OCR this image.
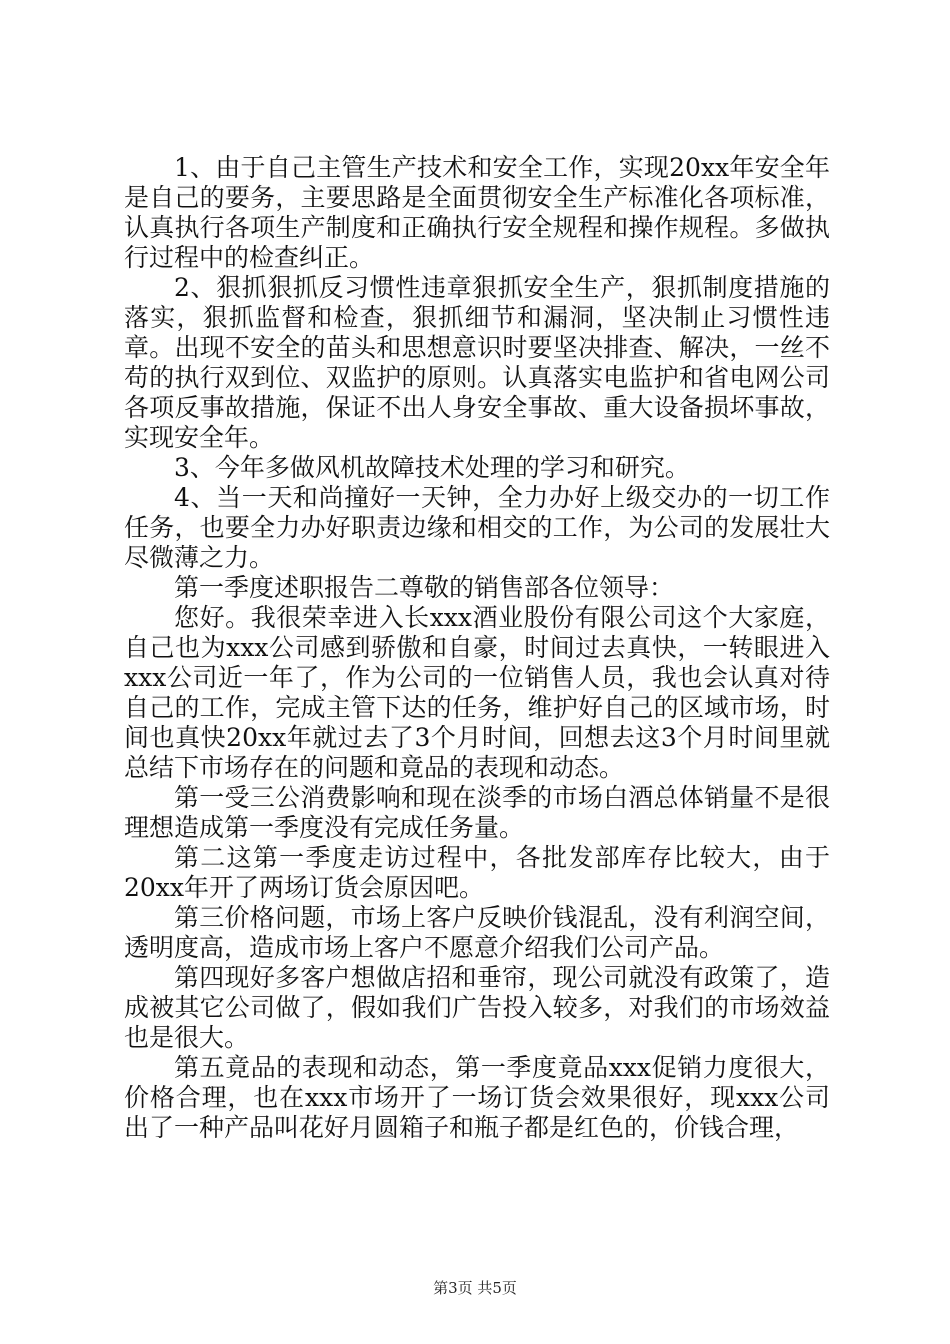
1、由于自己主管生产技术和安全工作，实现20xx年安全年是自己的要务，主要思路是全面贯彻安全生产标准化各项标准，认真执行各项生产制度和正确执行安全规程和操作规程。多做执行过程中的检查纠正。

2、狠抓狠抓反习惯性违章狠抓安全生产，狠抓制度措施的落实，狠抓监督和检查，狠抓细节和漏洞，坚决制止习惯性违章。出现不安全的苗头和思想意识时要坚决排查、解决，一丝不苟的执行双到位、双监护的原则。认真落实电监护和省电网公司各项反事故措施，保证不出人身安全事故、重大设备损坏事故，实现安全年。

3、今年多做风机故障技术处理的学习和研究。

4、当一天和尚撞好一天钟，全力办好上级交办的一切工作任务，也要全力办好职责边缘和相交的工作，为公司的发展壮大尽微薄之力。

第一季度述职报告二尊敬的销售部各位领导：

您好。我很荣幸进入长xxx酒业股份有限公司这个大家庭，自己也为xxx公司感到骄傲和自豪，时间过去真快，一转眼进入xxx公司近一年了，作为公司的一位销售人员，我也会认真对待自己的工作，完成主管下达的任务，维护好自己的区域市场，时间也真快20xx年就过去了3个月时间，回想去这3个月时间里就总结下市场存在的问题和竟品的表现和动态。

第一受三公消费影响和现在淡季的市场白酒总体销量不是很理想造成第一季度没有完成任务量。

第二这第一季度走访过程中，各批发部库存比较大，由于20xx年开了两场订货会原因吧。

第三价格问题，市场上客户反映价钱混乱，没有利润空间，透明度高，造成市场上客户不愿意介绍我们公司产品。

第四现好多客户想做店招和垂帘，现公司就没有政策了，造成被其它公司做了，假如我们广告投入较多，对我们的市场效益也是很大。

第五竟品的表现和动态，第一季度竟品xxx促销力度很大，价格合理，也在xxx市场开了一场订货会效果很好，现xxx公司出了一种产品叫花好月圆箱子和瓶子都是红色的，价钱合理，

第3页 共5页
